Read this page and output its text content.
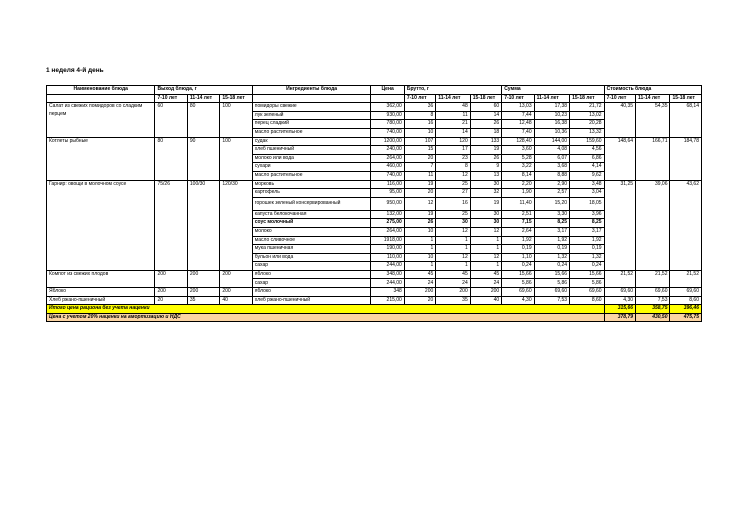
1 неделя 4-й день
Наименование блюда	Выход блюда, г			Ингредиенты блюда	Цена	Брутто, г			Сумма			Стоимость блюда		
	7-10 лет	11-14 лет	15-18 лет			7-10 лет	11-14 лет	15-18 лет	7-10 лет	11-14 лет	15-18 лет	7-10 лет	11-14 лет	15-18 лет
Салат из свежих помидоров со сладким перцем	60	80	100	помидоры свежие	362,00	36	48	60	13,03	17,38	21,72	40,35	54,35	68,14
				лук зеленый	930,00	8	11	14	7,44	10,23	13,02			
				перец сладкий	780,00	16	21	26	12,48	16,38	20,28			
				масло растительное	740,00	10	14	18	7,40	10,36	13,32			
Котлеты рыбные	80	90	100	судак	1200,00	107	120	133	128,40	144,00	159,60	148,64	166,71	184,78
				хлеб пшеничный	240,00	15	17	19	3,60	4,08	4,56			
				молоко или вода	264,00	20	23	26	5,28	6,07	6,86			
				сухари	460,00	7	8	9	3,22	3,68	4,14			
				масло растительное	740,00	11	12	13	8,14	8,88	9,62			
Гарнир: овощи в молочном соусе	75/26	100/30	120/30	морковь	116,00	19	25	30	2,20	2,90	3,48	31,25	39,06	43,62
				картофель	95,00	20	27	32	1,90	2,57	3,04			
				горошек зеленый консервированный	950,00	12	16	19	11,40	15,20	18,05			
				капуста белокочанная	132,00	19	25	30	2,51	3,30	3,96			
				соус молочный	275,00	26	30	30	7,15	8,25	8,25			
				молоко	264,00	10	12	12	2,64	3,17	3,17			
				масло сливочное	1918,00	1	1	1	1,92	1,92	1,92			
				мука пшеничная	190,00	1	1	1	0,19	0,19	0,19			
				бульон или вода	110,00	10	12	12	1,10	1,32	1,32			
				сахар	244,00	1	1	1	0,24	0,24	0,24			
Компот из свежих плодов	200	200	200	яблоко	348,00	45	45	45	15,66	15,66	15,66	21,52	21,52	21,52
				сахар	244,00	24	24	24	5,86	5,86	5,86			
Яблоко	200	200	200	яблоко	348	200	200	200	69,60	69,60	69,60	69,60	69,60	69,60
Хлеб ржано-пшеничный	20	35	40	хлеб ржано-пшеничный	215,00	20	35	40	4,30	7,53	8,60	4,30	7,53	8,60
Итого цена рациона без учета наценки												315,66	358,75	396,46
Цена с учетом 20% наценки на амортизацию и НДС												378,79	430,50	475,75
